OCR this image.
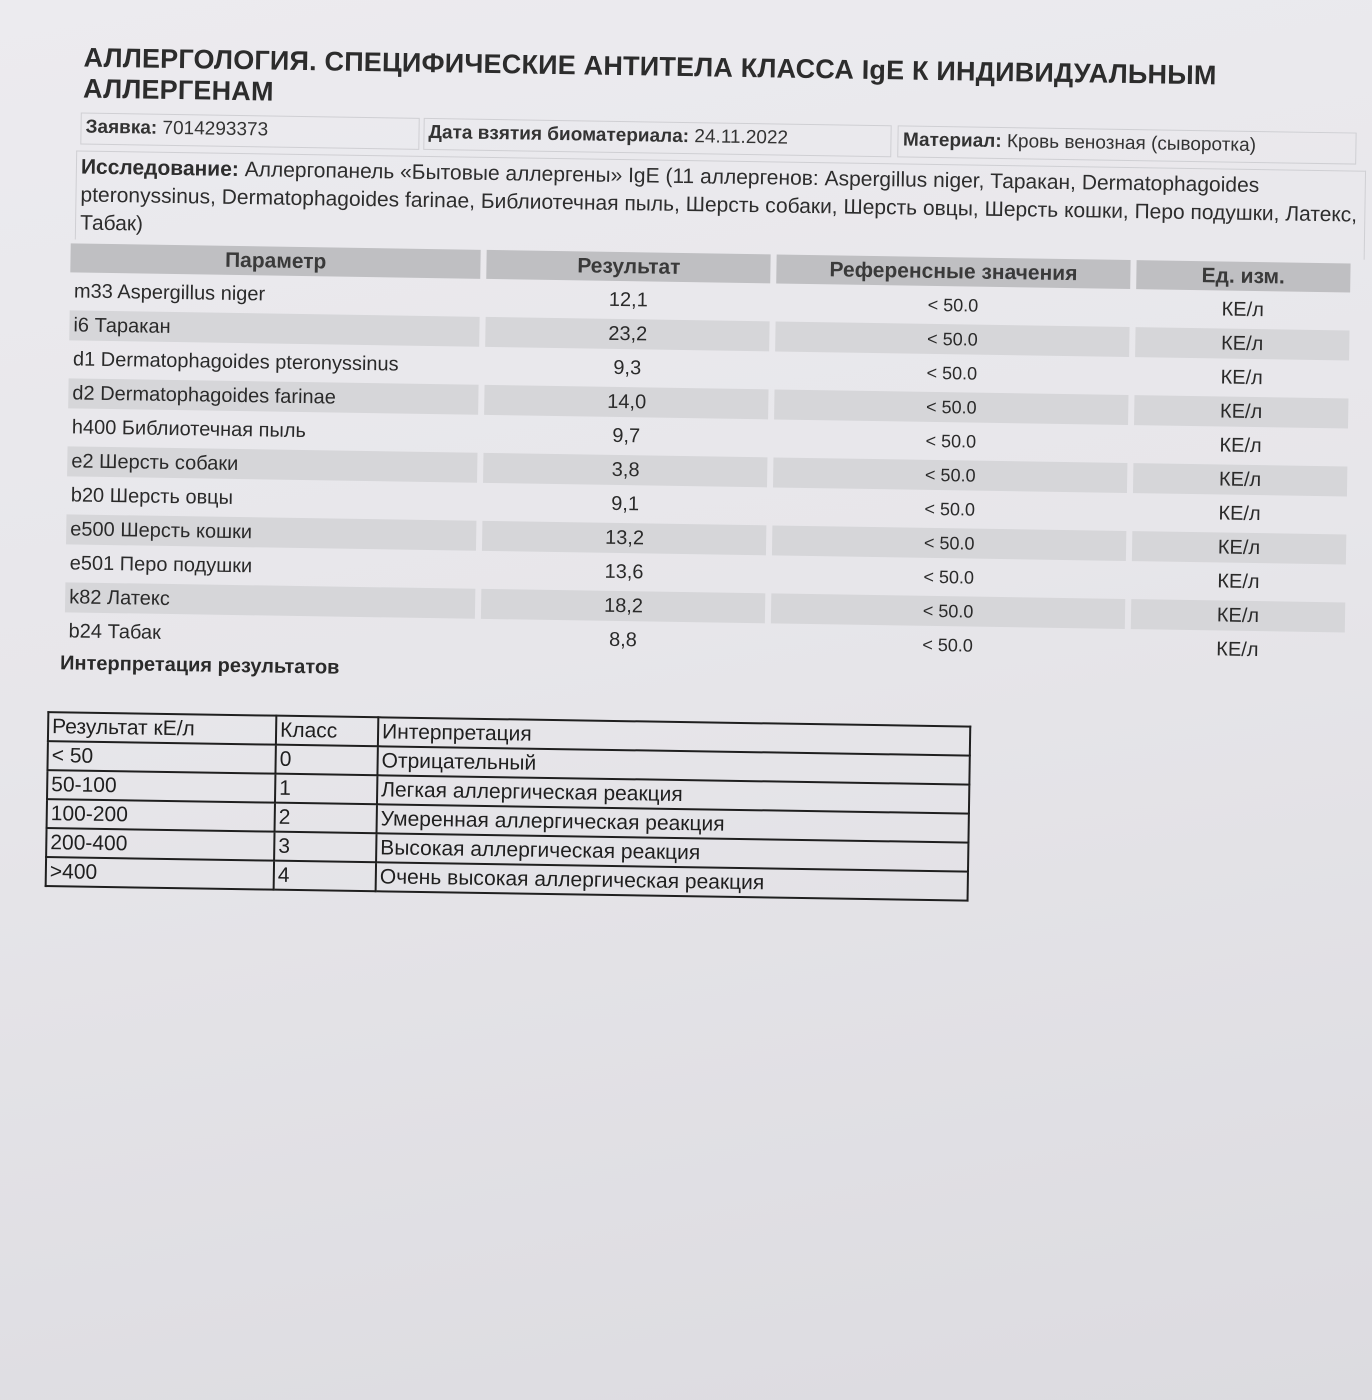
АЛЛЕРГОЛОГИЯ. СПЕЦИФИЧЕСКИЕ АНТИТЕЛА КЛАССА IgE К ИНДИВИДУАЛЬНЫМ АЛЛЕРГЕНАМ
Заявка: 7014293373	Дата взятия биоматериала: 24.11.2022	Материал: Кровь венозная (сыворотка)
Исследование: Аллергопанель «Бытовые аллергены» IgE (11 аллергенов: Aspergillus niger, Таракан, Dermatophagoides pteronyssinus, Dermatophagoides farinae, Библиотечная пыль, Шерсть собаки, Шерсть овцы, Шерсть кошки, Перо подушки, Латекс, Табак)
Параметр	Результат	Референсные значения	Ед. изм.
m33 Aspergillus niger	12,1	< 50.0	КЕ/л
i6 Таракан	23,2	< 50.0	КЕ/л
d1 Dermatophagoides pteronyssinus	9,3	< 50.0	КЕ/л
d2 Dermatophagoides farinae	14,0	< 50.0	КЕ/л
h400 Библиотечная пыль	9,7	< 50.0	КЕ/л
e2 Шерсть собаки	3,8	< 50.0	КЕ/л
b20 Шерсть овцы	9,1	< 50.0	КЕ/л
e500 Шерсть кошки	13,2	< 50.0	КЕ/л
e501 Перо подушки	13,6	< 50.0	КЕ/л
k82 Латекс	18,2	< 50.0	КЕ/л
b24 Табак	8,8	< 50.0	КЕ/л
Интерпретация результатов
Результат кЕ/л	Класс	Интерпретация
< 50	0	Отрицательный
50-100	1	Легкая аллергическая реакция
100-200	2	Умеренная аллергическая реакция
200-400	3	Высокая аллергическая реакция
>400	4	Очень высокая аллергическая реакция
